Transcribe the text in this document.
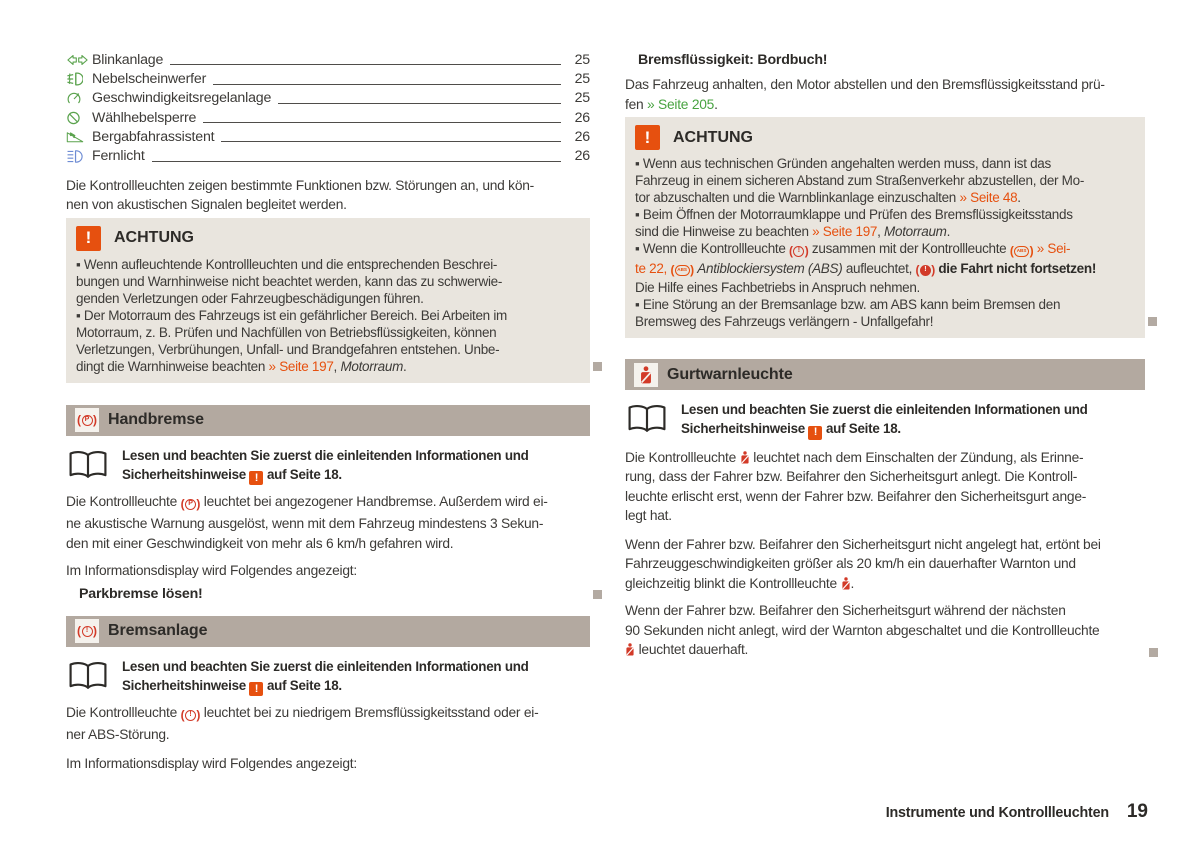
Blinkanlage	25
Nebelscheinwerfer	25
Geschwindigkeitsregelanlage	25
Wählhebelsperre	26
Bergabfahrassistent	26
Fernlicht	26

Die Kontrollleuchten zeigen bestimmte Funktionen bzw. Störungen an, und kön-
nen von akustischen Signalen begleitet werden.

!	ACHTUNG
▪ Wenn aufleuchtende Kontrollleuchten und die entsprechenden Beschrei-
bungen und Warnhinweise nicht beachtet werden, kann das zu schwerwie-
genden Verletzungen oder Fahrzeugbeschädigungen führen.
▪ Der Motorraum des Fahrzeugs ist ein gefährlicher Bereich. Bei Arbeiten im
Motorraum, z. B. Prüfen und Nachfüllen von Betriebsflüssigkeiten, können
Verletzungen, Verbrühungen, Unfall- und Brandgefahren entstehen. Unbe-
dingt die Warnhinweise beachten » Seite 197, Motorraum.
( P
) Handbremse
Lesen und beachten Sie zuerst die einleitenden Informationen und
Sicherheitshinweise ! auf Seite 18.

Die Kontrollleuchte	( P
) leuchtet bei angezogener Handbremse. Außerdem wird ei-
ne akustische Warnung ausgelöst, wenn mit dem Fahrzeug mindestens 3 Sekun-
den mit einer Geschwindigkeit von mehr als 6 km/h gefahren wird.

Im Informationsdisplay wird Folgendes angezeigt:

Parkbremse lösen!

( !
) Bremsanlage
Lesen und beachten Sie zuerst die einleitenden Informationen und
Sicherheitshinweise ! auf Seite 18.

Die Kontrollleuchte	( !
) leuchtet bei zu niedrigem Bremsflüssigkeitsstand oder ei-
ner ABS-Störung.

Im Informationsdisplay wird Folgendes angezeigt:

Bremsflüssigkeit: Bordbuch!

Das Fahrzeug anhalten, den Motor abstellen und den Bremsflüssigkeitsstand prü-
fen » Seite 205.

!	ACHTUNG
▪ Wenn aus technischen Gründen angehalten werden muss, dann ist das
Fahrzeug in einem sicheren Abstand zum Straßenverkehr abzustellen, der Mo-
tor abzuschalten und die Warnblinkanlage einzuschalten » Seite 48.
▪ Beim Öffnen der Motorraumklappe und Prüfen des Bremsflüssigkeitsstands
sind die Hinweise zu beachten » Seite 197, Motorraum.
▪ Wenn die Kontrollleuchte	( !
) zusammen mit der Kontrollleuchte	( ABS
) » Sei-
te 22,	( ABS
) Antiblockiersystem (ABS) aufleuchtet,	( !
) die Fahrt nicht fortsetzen!
Die Hilfe eines Fachbetriebs in Anspruch nehmen.
▪ Eine Störung an der Bremsanlage bzw. am ABS kann beim Bremsen den
Bremsweg des Fahrzeugs verlängern - Unfallgefahr!
Gurtwarnleuchte
Lesen und beachten Sie zuerst die einleitenden Informationen und
Sicherheitshinweise ! auf Seite 18.

Die Kontrollleuchte leuchtet nach dem Einschalten der Zündung, als Erinne-
rung, dass der Fahrer bzw. Beifahrer den Sicherheitsgurt anlegt. Die Kontroll-
leuchte erlischt erst, wenn der Fahrer bzw. Beifahrer den Sicherheitsgurt ange-
legt hat.

Wenn der Fahrer bzw. Beifahrer den Sicherheitsgurt nicht angelegt hat, ertönt bei
Fahrzeuggeschwindigkeiten größer als 20 km/h ein dauerhafter Warnton und
gleichzeitig blinkt die Kontrollleuchte .

Wenn der Fahrer bzw. Beifahrer den Sicherheitsgurt während der nächsten
90 Sekunden nicht anlegt, wird der Warnton abgeschaltet und die Kontrollleuchte
leuchtet dauerhaft.

Instrumente und Kontrollleuchten 19
